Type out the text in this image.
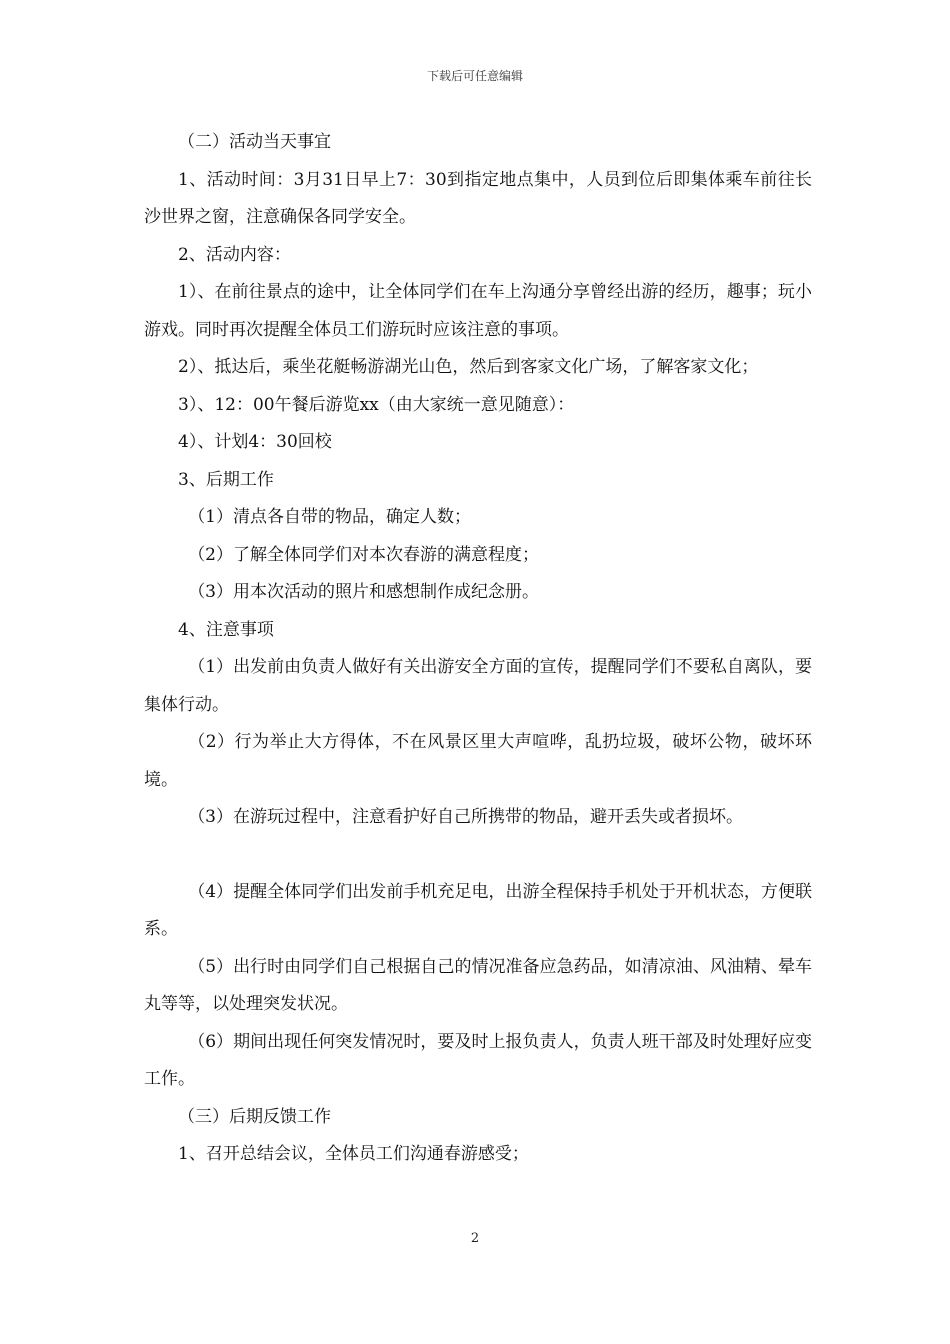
下载后可任意编辑

（二）活动当天事宜

1、活动时间：3月31日早上7：30到指定地点集中，人员到位后即集体乘车前往长沙世界之窗，注意确保各同学安全。

2、活动内容：

1）、在前往景点的途中，让全体同学们在车上沟通分享曾经出游的经历，趣事；玩小游戏。同时再次提醒全体员工们游玩时应该注意的事项。

2）、抵达后，乘坐花艇畅游湖光山色，然后到客家文化广场，了解客家文化；

3）、12：00午餐后游览xx（由大家统一意见随意）：

4）、计划4：30回校

3、后期工作

（1）清点各自带的物品，确定人数；

（2）了解全体同学们对本次春游的满意程度；

（3）用本次活动的照片和感想制作成纪念册。

4、注意事项

（1）出发前由负责人做好有关出游安全方面的宣传，提醒同学们不要私自离队，要集体行动。

（2）行为举止大方得体，不在风景区里大声喧哗，乱扔垃圾，破坏公物，破坏环境。

（3）在游玩过程中，注意看护好自己所携带的物品，避开丢失或者损坏。

（4）提醒全体同学们出发前手机充足电，出游全程保持手机处于开机状态，方便联系。

（5）出行时由同学们自己根据自己的情况准备应急药品，如清凉油、风油精、晕车丸等等，以处理突发状况。

（6）期间出现任何突发情况时，要及时上报负责人，负责人班干部及时处理好应变工作。

（三）后期反馈工作

1、召开总结会议，全体员工们沟通春游感受；

2
